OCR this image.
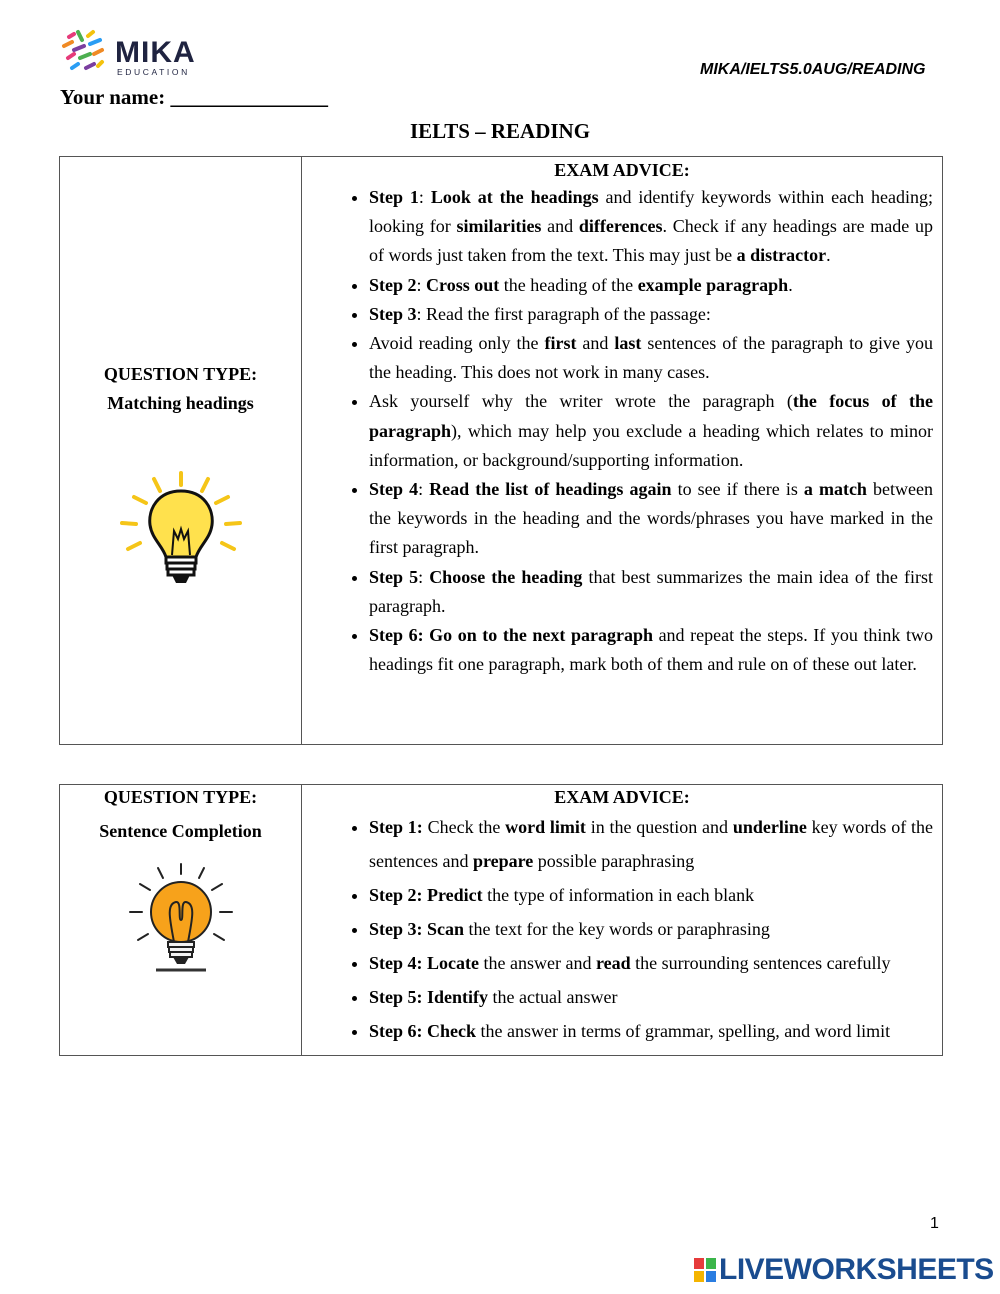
MIKA
EDUCATION	MIKA/IELTS5.0AUG/READING
Your name: _______________
IELTS – READING
QUESTION TYPE:
Matching headings

EXAM ADVICE:
• Step 1: Look at the headings and identify keywords within each heading; looking for similarities and differences. Check if any headings are made up of words just taken from the text. This may just be a distractor.
• Step 2: Cross out the heading of the example paragraph.
• Step 3: Read the first paragraph of the passage:
• Avoid reading only the first and last sentences of the paragraph to give you the heading. This does not work in many cases.
• Ask yourself why the writer wrote the paragraph (the focus of the paragraph), which may help you exclude a heading which relates to minor information, or background/supporting information.
• Step 4: Read the list of headings again to see if there is a match between the keywords in the heading and the words/phrases you have marked in the first paragraph.
• Step 5: Choose the heading that best summarizes the main idea of the first paragraph.
• Step 6: Go on to the next paragraph and repeat the steps. If you think two headings fit one paragraph, mark both of them and rule on of these out later.
QUESTION TYPE:
Sentence Completion

EXAM ADVICE:
• Step 1: Check the word limit in the question and underline key words of the sentences and prepare possible paraphrasing
• Step 2: Predict the type of information in each blank
• Step 3: Scan the text for the key words or paraphrasing
• Step 4: Locate the answer and read the surrounding sentences carefully
• Step 5: Identify the actual answer
• Step 6: Check the answer in terms of grammar, spelling, and word limit
1
LIVEWORKSHEETS
